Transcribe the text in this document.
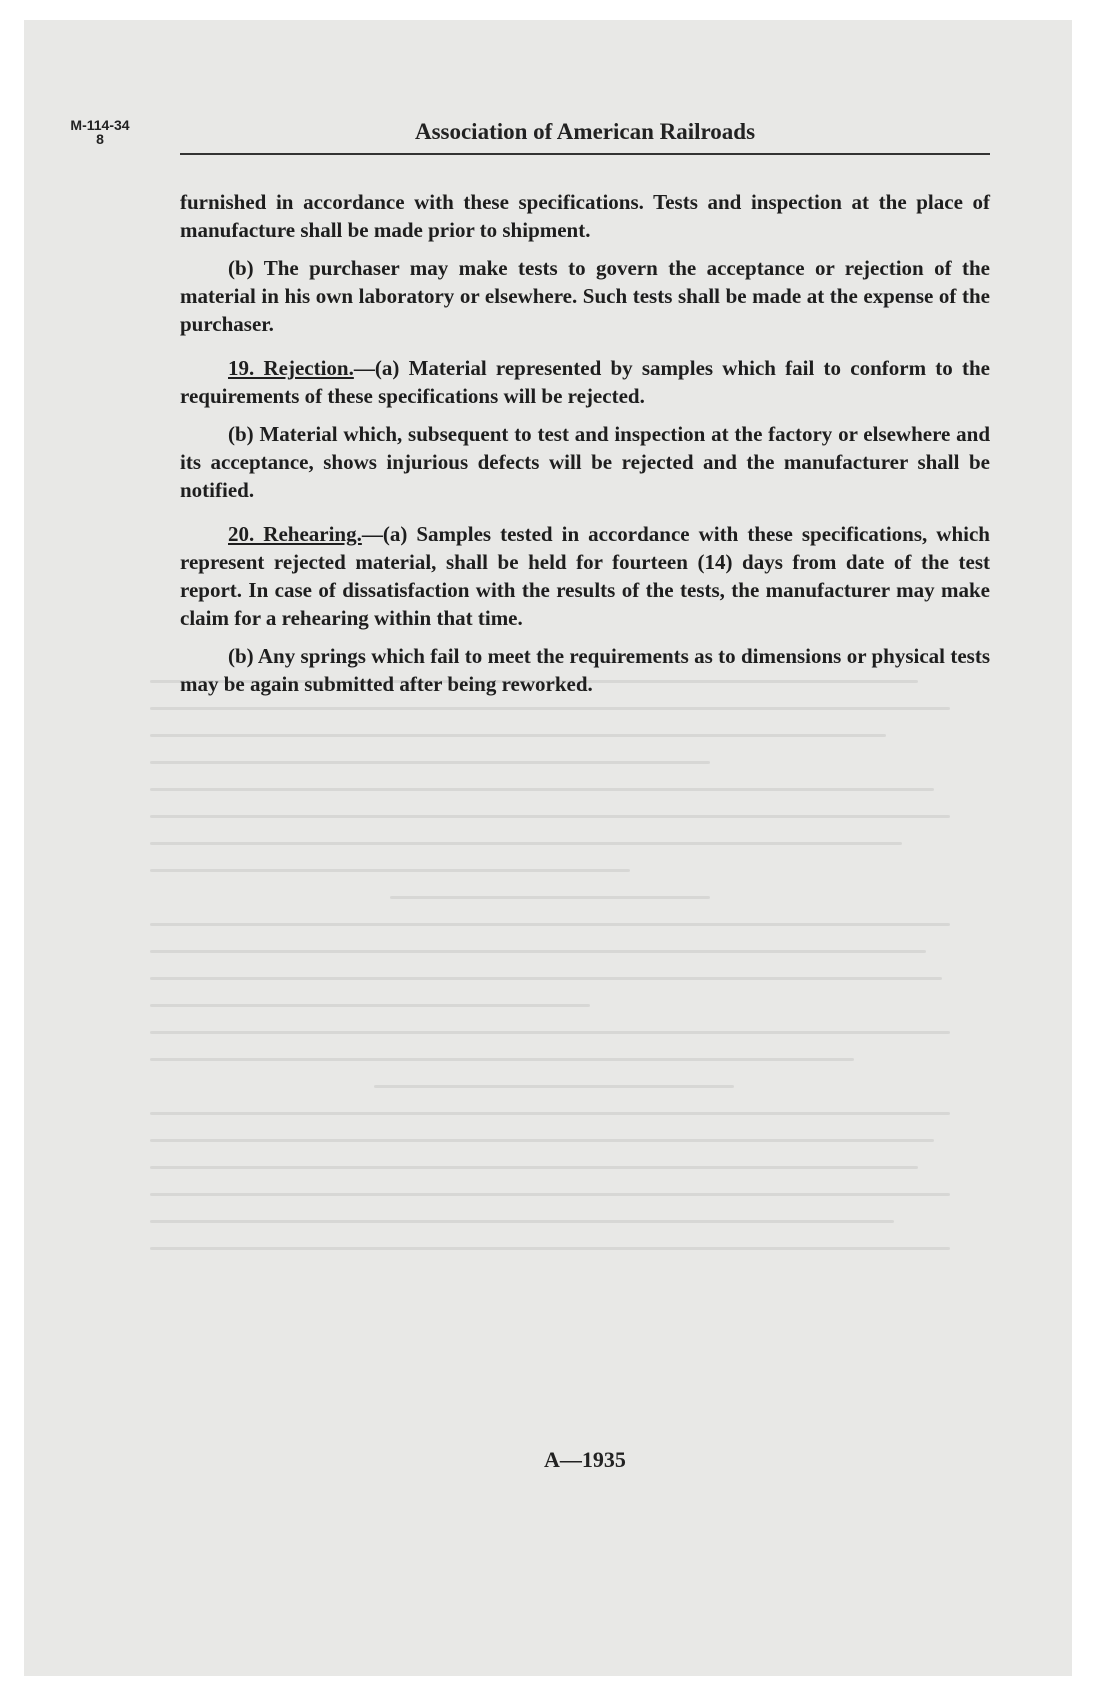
M-114-34
8	Association of American Railroads

furnished in accordance with these specifications. Tests and inspection at the place of manufacture shall be made prior to shipment.

(b) The purchaser may make tests to govern the acceptance or rejection of the material in his own laboratory or elsewhere. Such tests shall be made at the expense of the purchaser.

19. Rejection.—(a) Material represented by samples which fail to conform to the requirements of these specifications will be rejected.

(b) Material which, subsequent to test and inspection at the factory or elsewhere and its acceptance, shows injurious defects will be rejected and the manufacturer shall be notified.

20. Rehearing.—(a) Samples tested in accordance with these specifications, which represent rejected material, shall be held for fourteen (14) days from date of the test report. In case of dissatisfaction with the results of the tests, the manufacturer may make claim for a rehearing within that time.

(b) Any springs which fail to meet the requirements as to dimensions or physical tests may be again submitted after being reworked.

A—1935
